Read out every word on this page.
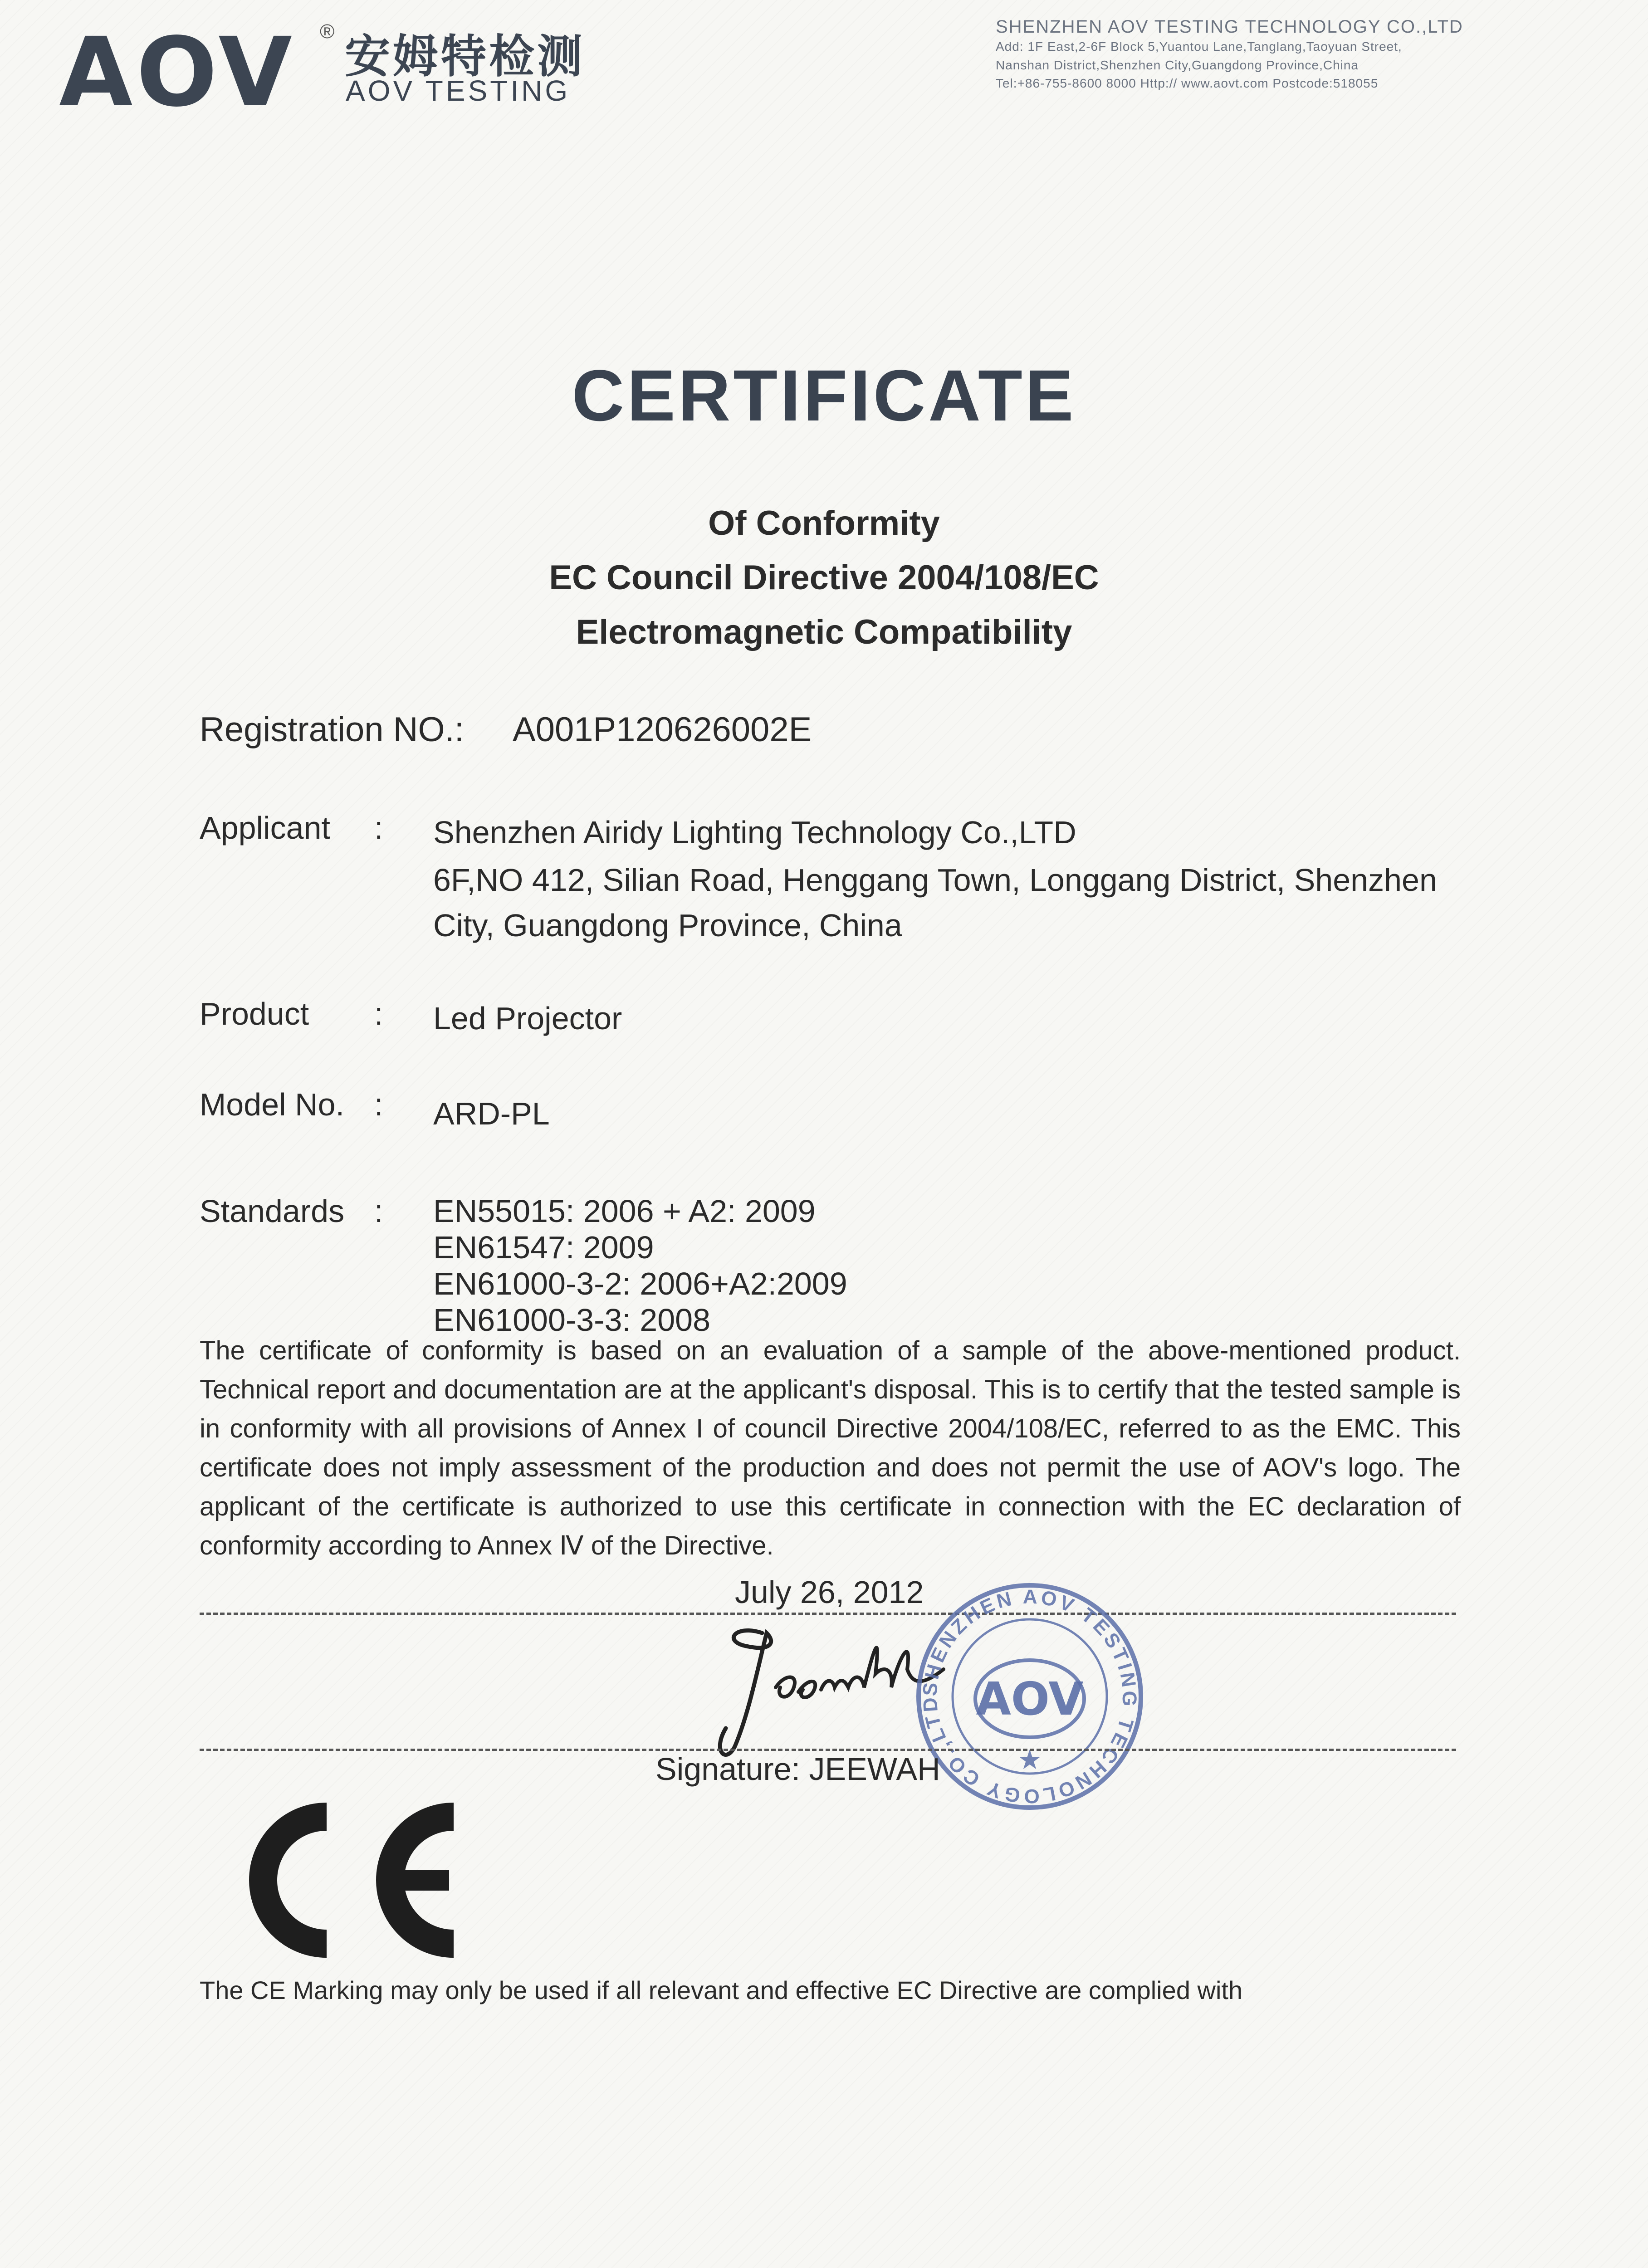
AOV ® 安姆特检测
AOV TESTING
SHENZHEN AOV TESTING TECHNOLOGY CO.,LTD
Add: 1F East,2-6F Block 5,Yuantou Lane,Tanglang,Taoyuan Street,
Nanshan District,Shenzhen City,Guangdong Province,China
Tel:+86-755-8600 8000 Http:// www.aovt.com Postcode:518055
CERTIFICATE
Of Conformity
EC Council Directive 2004/108/EC
Electromagnetic Compatibility
Registration NO.: A001P120626002E
Applicant : Shenzhen Airidy Lighting Technology Co.,LTD
6F,NO 412, Silian Road, Henggang Town, Longgang District, Shenzhen
City, Guangdong Province, China
Product : Led Projector
Model No. : ARD-PL
Standards : EN55015: 2006 + A2: 2009
EN61547: 2009
EN61000-3-2: 2006+A2:2009
EN61000-3-3: 2008
The certificate of conformity is based on an evaluation of a sample of the above-mentioned product. Technical report and documentation are at the applicant's disposal. This is to certify that the tested sample is in conformity with all provisions of Annex I of council Directive 2004/108/EC, referred to as the EMC. This certificate does not imply assessment of the production and does not permit the use of AOV's logo. The applicant of the certificate is authorized to use this certificate in connection with the EC declaration of conformity according to Annex Ⅳ of the Directive.
July 26, 2012
Jeewah
SHENZHEN AOV TESTING TECHNOLOGY CO.,LTD AOV
★
Signature: JEEWAH
CE
The CE Marking may only be used if all relevant and effective EC Directive are complied with
